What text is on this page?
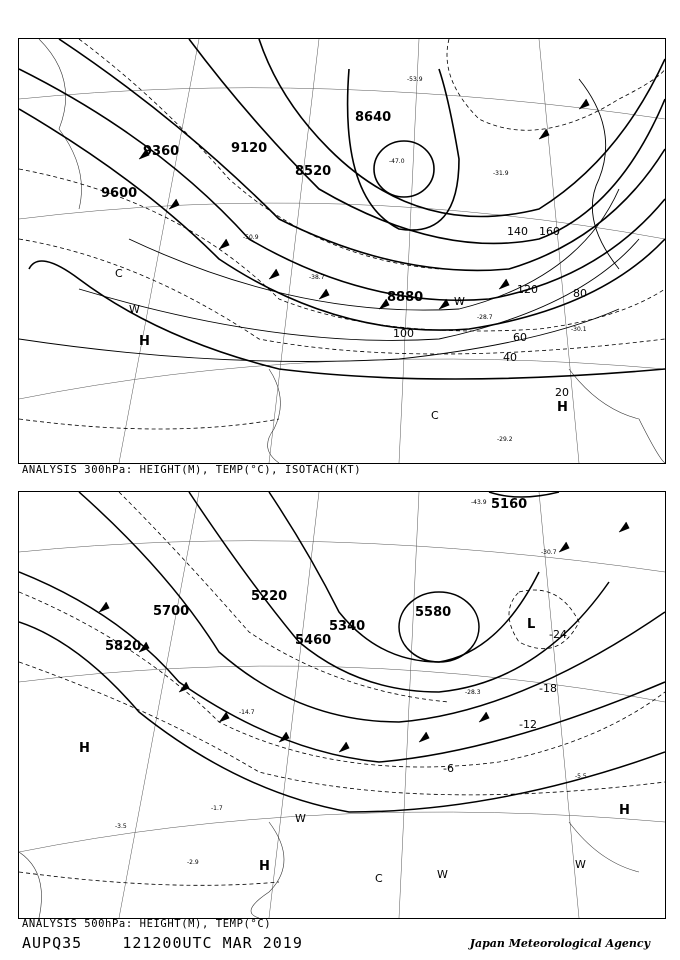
8640
8520
9600
9360	9120
8880
20
40
60
80
100
120
140 160
H
H
C
C
W
W
-53.9
-47.0
-31.9
-30.1
-29.2
-28.7
-38.7
-50.9
ANALYSIS 300hPa: HEIGHT(M), TEMP(°C), ISOTACH(KT)
5160
5820
5700	5580
5460
5340
5220
-24
-18
-12
-6
H
H
H
L
W
W
W
C
-43.9
-30.7
-28.3
-14.7
-5.5
-3.5
-2.9
-1.7
ANALYSIS 500hPa: HEIGHT(M), TEMP(°C)
AUPQ35	121200UTC MAR 2019	Japan Meteorological Agency
